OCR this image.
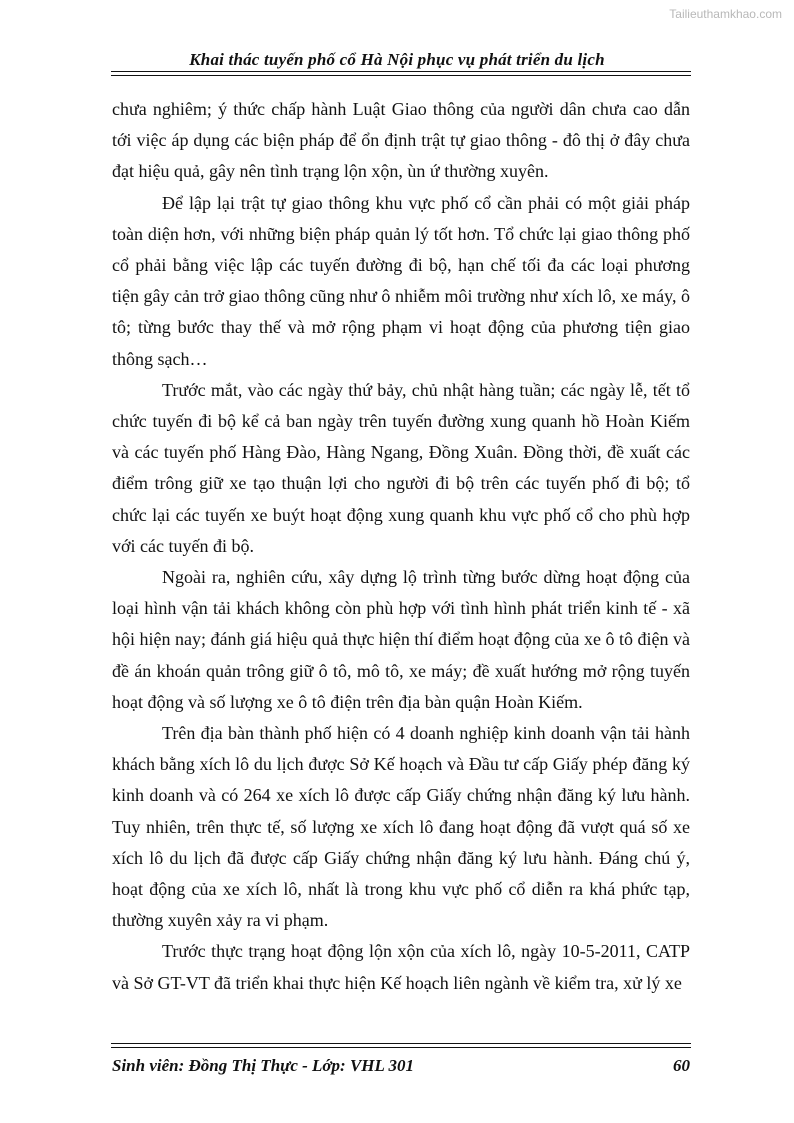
Tailieuthamkhao.com
Khai thác tuyến phố cổ Hà Nội phục vụ phát triển du lịch

chưa nghiêm; ý thức chấp hành Luật Giao thông của người dân chưa cao dẫn tới việc áp dụng các biện pháp để ổn định trật tự giao thông - đô thị ở đây chưa đạt hiệu quả, gây nên tình trạng lộn xộn, ùn ứ thường xuyên.

Để lập lại trật tự giao thông khu vực phố cổ cần phải có một giải pháp toàn diện hơn, với những biện pháp quản lý tốt hơn. Tổ chức lại giao thông phố cổ phải bằng việc lập các tuyến đường đi bộ, hạn chế tối đa các loại phương tiện gây cản trở giao thông cũng như ô nhiễm môi trường như xích lô, xe máy, ô tô; từng bước thay thế và mở rộng phạm vi hoạt động của phương tiện giao thông sạch…

Trước mắt, vào các ngày thứ bảy, chủ nhật hàng tuần; các ngày lễ, tết tổ chức tuyến đi bộ kể cả ban ngày trên tuyến đường xung quanh hồ Hoàn Kiếm và các tuyến phố Hàng Đào, Hàng Ngang, Đồng Xuân. Đồng thời, đề xuất các điểm trông giữ xe tạo thuận lợi cho người đi bộ trên các tuyến phố đi bộ; tổ chức lại các tuyến xe buýt hoạt động xung quanh khu vực phố cổ cho phù hợp với các tuyến đi bộ.

Ngoài ra, nghiên cứu, xây dựng lộ trình từng bước dừng hoạt động của loại hình vận tải khách không còn phù hợp với tình hình phát triển kinh tế - xã hội hiện nay; đánh giá hiệu quả thực hiện thí điểm hoạt động của xe ô tô điện và đề án khoán quản trông giữ ô tô, mô tô, xe máy; đề xuất hướng mở rộng tuyến hoạt động và số lượng xe ô tô điện trên địa bàn quận Hoàn Kiếm.

Trên địa bàn thành phố hiện có 4 doanh nghiệp kinh doanh vận tải hành khách bằng xích lô du lịch được Sở Kế hoạch và Đầu tư cấp Giấy phép đăng ký kinh doanh và có 264 xe xích lô được cấp Giấy chứng nhận đăng ký lưu hành. Tuy nhiên, trên thực tế, số lượng xe xích lô đang hoạt động đã vượt quá số xe xích lô du lịch đã được cấp Giấy chứng nhận đăng ký lưu hành. Đáng chú ý, hoạt động của xe xích lô, nhất là trong khu vực phố cổ diễn ra khá phức tạp, thường xuyên xảy ra vi phạm.

Trước thực trạng hoạt động lộn xộn của xích lô, ngày 10-5-2011, CATP và Sở GT-VT đã triển khai thực hiện Kế hoạch liên ngành về kiểm tra, xử lý xe

Sinh viên: Đồng Thị Thực - Lớp: VHL 301	60
